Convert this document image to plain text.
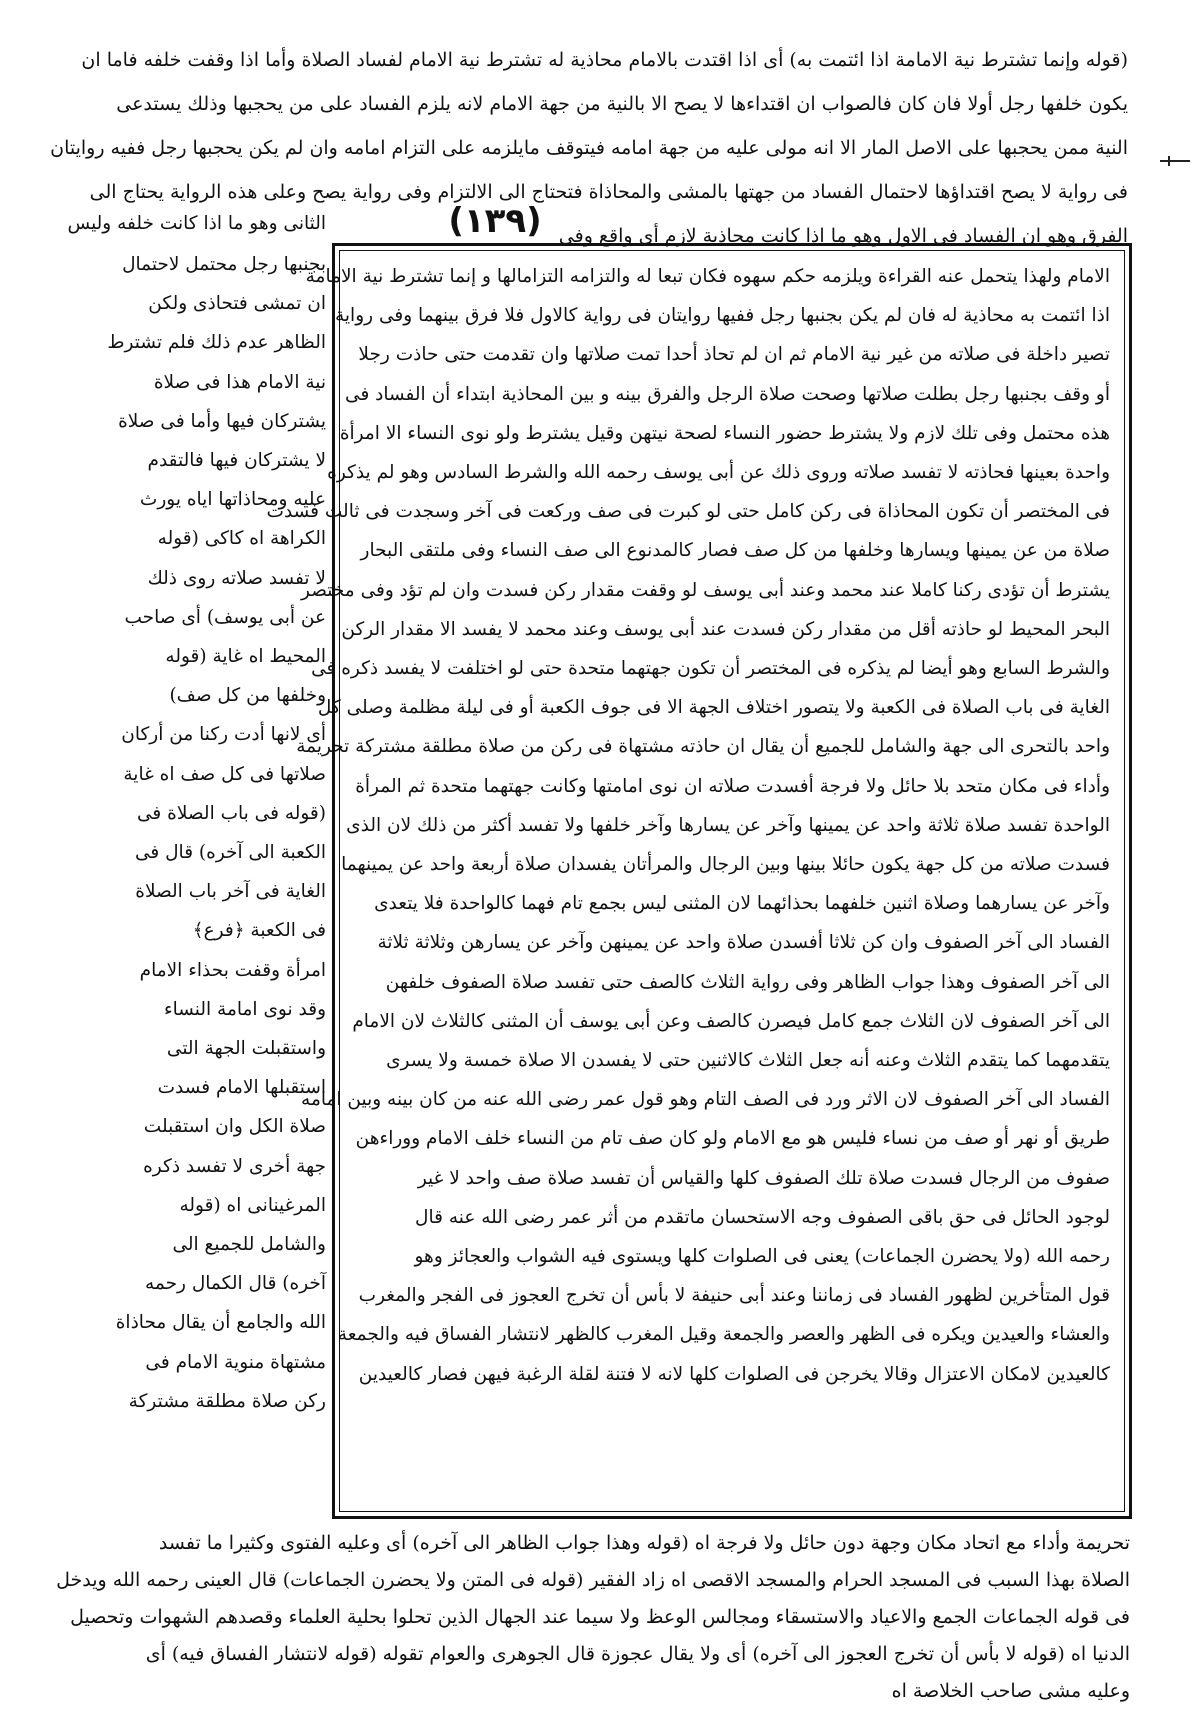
(قوله وإنما تشترط نية الامامة اذا ائتمت به) أى اذا اقتدت بالامام محاذية له تشترط نية الامام لفساد الصلاة وأما اذا وقفت خلفه فاما ان
يكون خلفها رجل أولا فان كان فالصواب ان اقتداءها لا يصح الا بالنية من جهة الامام لانه يلزم الفساد على من يحجبها وذلك يستدعى
النية ممن يحجبها على الاصل المار الا انه مولى عليه من جهة امامه فيتوقف مايلزمه على التزام امامه وان لم يكن يحجبها رجل ففيه روايتان
فى رواية لا يصح اقتداؤها لاحتمال الفساد من جهتها بالمشى والمحاذاة فتحتاج الى الالتزام وفى رواية يصح وعلى هذه الرواية يحتاج الى
الفرق وهو ان الفساد فى الاول وهو ما اذا كانت محاذية لازم أى واقع وفى
(١٣٩)
الثانى وهو ما اذا كانت خلفه وليس
الامام ولهذا يتحمل عنه القراءة ويلزمه حكم سهوه فكان تبعا له والتزامه التزامالها و إنما تشترط نية الامامة
اذا ائتمت به محاذية له فان لم يكن بجنبها رجل ففيها روايتان فى رواية كالاول فلا فرق بينهما وفى رواية
تصير داخلة فى صلاته من غير نية الامام ثم ان لم تحاذ أحدا تمت صلاتها وان تقدمت حتى حاذت رجلا
أو وقف بجنبها رجل بطلت صلاتها وصحت صلاة الرجل والفرق بينه و بين المحاذية ابتداء أن الفساد فى
هذه محتمل وفى تلك لازم ولا يشترط حضور النساء لصحة نيتهن وقيل يشترط ولو نوى النساء الا امرأة
واحدة بعينها فحاذته لا تفسد صلاته وروى ذلك عن أبى يوسف رحمه الله والشرط السادس وهو لم يذكره
فى المختصر أن تكون المحاذاة فى ركن كامل حتى لو كبرت فى صف وركعت فى آخر وسجدت فى ثالث فسدت
صلاة من عن يمينها ويسارها وخلفها من كل صف فصار كالمدنوع الى صف النساء وفى ملتقى البحار
يشترط أن تؤدى ركنا كاملا عند محمد وعند أبى يوسف لو وقفت مقدار ركن فسدت وان لم تؤد وفى مختصر
البحر المحيط لو حاذته أقل من مقدار ركن فسدت عند أبى يوسف وعند محمد لا يفسد الا مقدار الركن
والشرط السابع وهو أيضا لم يذكره فى المختصر أن تكون جهتهما متحدة حتى لو اختلفت لا يفسد ذكره فى
الغاية فى باب الصلاة فى الكعبة ولا يتصور اختلاف الجهة الا فى جوف الكعبة أو فى ليلة مظلمة وصلى كل
واحد بالتحرى الى جهة والشامل للجميع أن يقال ان حاذته مشتهاة فى ركن من صلاة مطلقة مشتركة تحريمة
وأداء فى مكان متحد بلا حائل ولا فرجة أفسدت صلاته ان نوى امامتها وكانت جهتهما متحدة ثم المرأة
الواحدة تفسد صلاة ثلاثة واحد عن يمينها وآخر عن يسارها وآخر خلفها ولا تفسد أكثر من ذلك لان الذى
فسدت صلاته من كل جهة يكون حائلا بينها وبين الرجال والمرأتان يفسدان صلاة أربعة واحد عن يمينهما
وآخر عن يسارهما وصلاة اثنين خلفهما بحذائهما لان المثنى ليس بجمع تام فهما كالواحدة فلا يتعدى
الفساد الى آخر الصفوف وان كن ثلاثا أفسدن صلاة واحد عن يمينهن وآخر عن يسارهن وثلاثة ثلاثة
الى آخر الصفوف وهذا جواب الظاهر وفى رواية الثلاث كالصف حتى تفسد صلاة الصفوف خلفهن
الى آخر الصفوف لان الثلاث جمع كامل فيصرن كالصف وعن أبى يوسف أن المثنى كالثلاث لان الامام
يتقدمهما كما يتقدم الثلاث وعنه أنه جعل الثلاث كالاثنين حتى لا يفسدن الا صلاة خمسة ولا يسرى
الفساد الى آخر الصفوف لان الاثر ورد فى الصف التام وهو قول عمر رضى الله عنه من كان بينه وبين امامه
طريق أو نهر أو صف من نساء فليس هو مع الامام ولو كان صف تام من النساء خلف الامام ووراءهن
صفوف من الرجال فسدت صلاة تلك الصفوف كلها والقياس أن تفسد صلاة صف واحد لا غير
لوجود الحائل فى حق باقى الصفوف وجه الاستحسان ماتقدم من أثر عمر رضى الله عنه قال
رحمه الله (ولا يحضرن الجماعات) يعنى فى الصلوات كلها ويستوى فيه الشواب والعجائز وهو
قول المتأخرين لظهور الفساد فى زماننا وعند أبى حنيفة لا بأس أن تخرج العجوز فى الفجر والمغرب
والعشاء والعيدين ويكره فى الظهر والعصر والجمعة وقيل المغرب كالظهر لانتشار الفساق فيه والجمعة
كالعيدين لامكان الاعتزال وقالا يخرجن فى الصلوات كلها لانه لا فتنة لقلة الرغبة فيهن فصار كالعيدين
بجنبها رجل محتمل لاحتمال
ان تمشى فتحاذى ولكن
الظاهر عدم ذلك فلم تشترط
نية الامام هذا فى صلاة
يشتركان فيها وأما فى صلاة
لا يشتركان فيها فالتقدم
عليه ومحاذاتها اياه يورث
الكراهة اه كاكى (قوله
لا تفسد صلاته روى ذلك
عن أبى يوسف) أى صاحب
المحيط اه غاية (قوله
وخلفها من كل صف)
أى لانها أدت ركنا من أركان
صلاتها فى كل صف اه غاية
(قوله فى باب الصلاة فى
الكعبة الى آخره) قال فى
الغاية فى آخر باب الصلاة
فى الكعبة ﴿فرع﴾
امرأة وقفت بحذاء الامام
وقد نوى امامة النساء
واستقبلت الجهة التى
استقبلها الامام فسدت
صلاة الكل وان استقبلت
جهة أخرى لا تفسد ذكره
المرغينانى اه (قوله
والشامل للجميع الى
آخره) قال الكمال رحمه
الله والجامع أن يقال محاذاة
مشتهاة منوية الامام فى
ركن صلاة مطلقة مشتركة
تحريمة وأداء مع اتحاد مكان وجهة دون حائل ولا فرجة اه (قوله وهذا جواب الظاهر الى آخره) أى وعليه الفتوى وكثيرا ما تفسد
الصلاة بهذا السبب فى المسجد الحرام والمسجد الاقصى اه زاد الفقير (قوله فى المتن ولا يحضرن الجماعات) قال العينى رحمه الله ويدخل
فى قوله الجماعات الجمع والاعياد والاستسقاء ومجالس الوعظ ولا سيما عند الجهال الذين تحلوا بحلية العلماء وقصدهم الشهوات وتحصيل
الدنيا اه (قوله لا بأس أن تخرج العجوز الى آخره) أى ولا يقال عجوزة قال الجوهرى والعوام تقوله (قوله لانتشار الفساق فيه) أى
وعليه مشى صاحب الخلاصة اه
